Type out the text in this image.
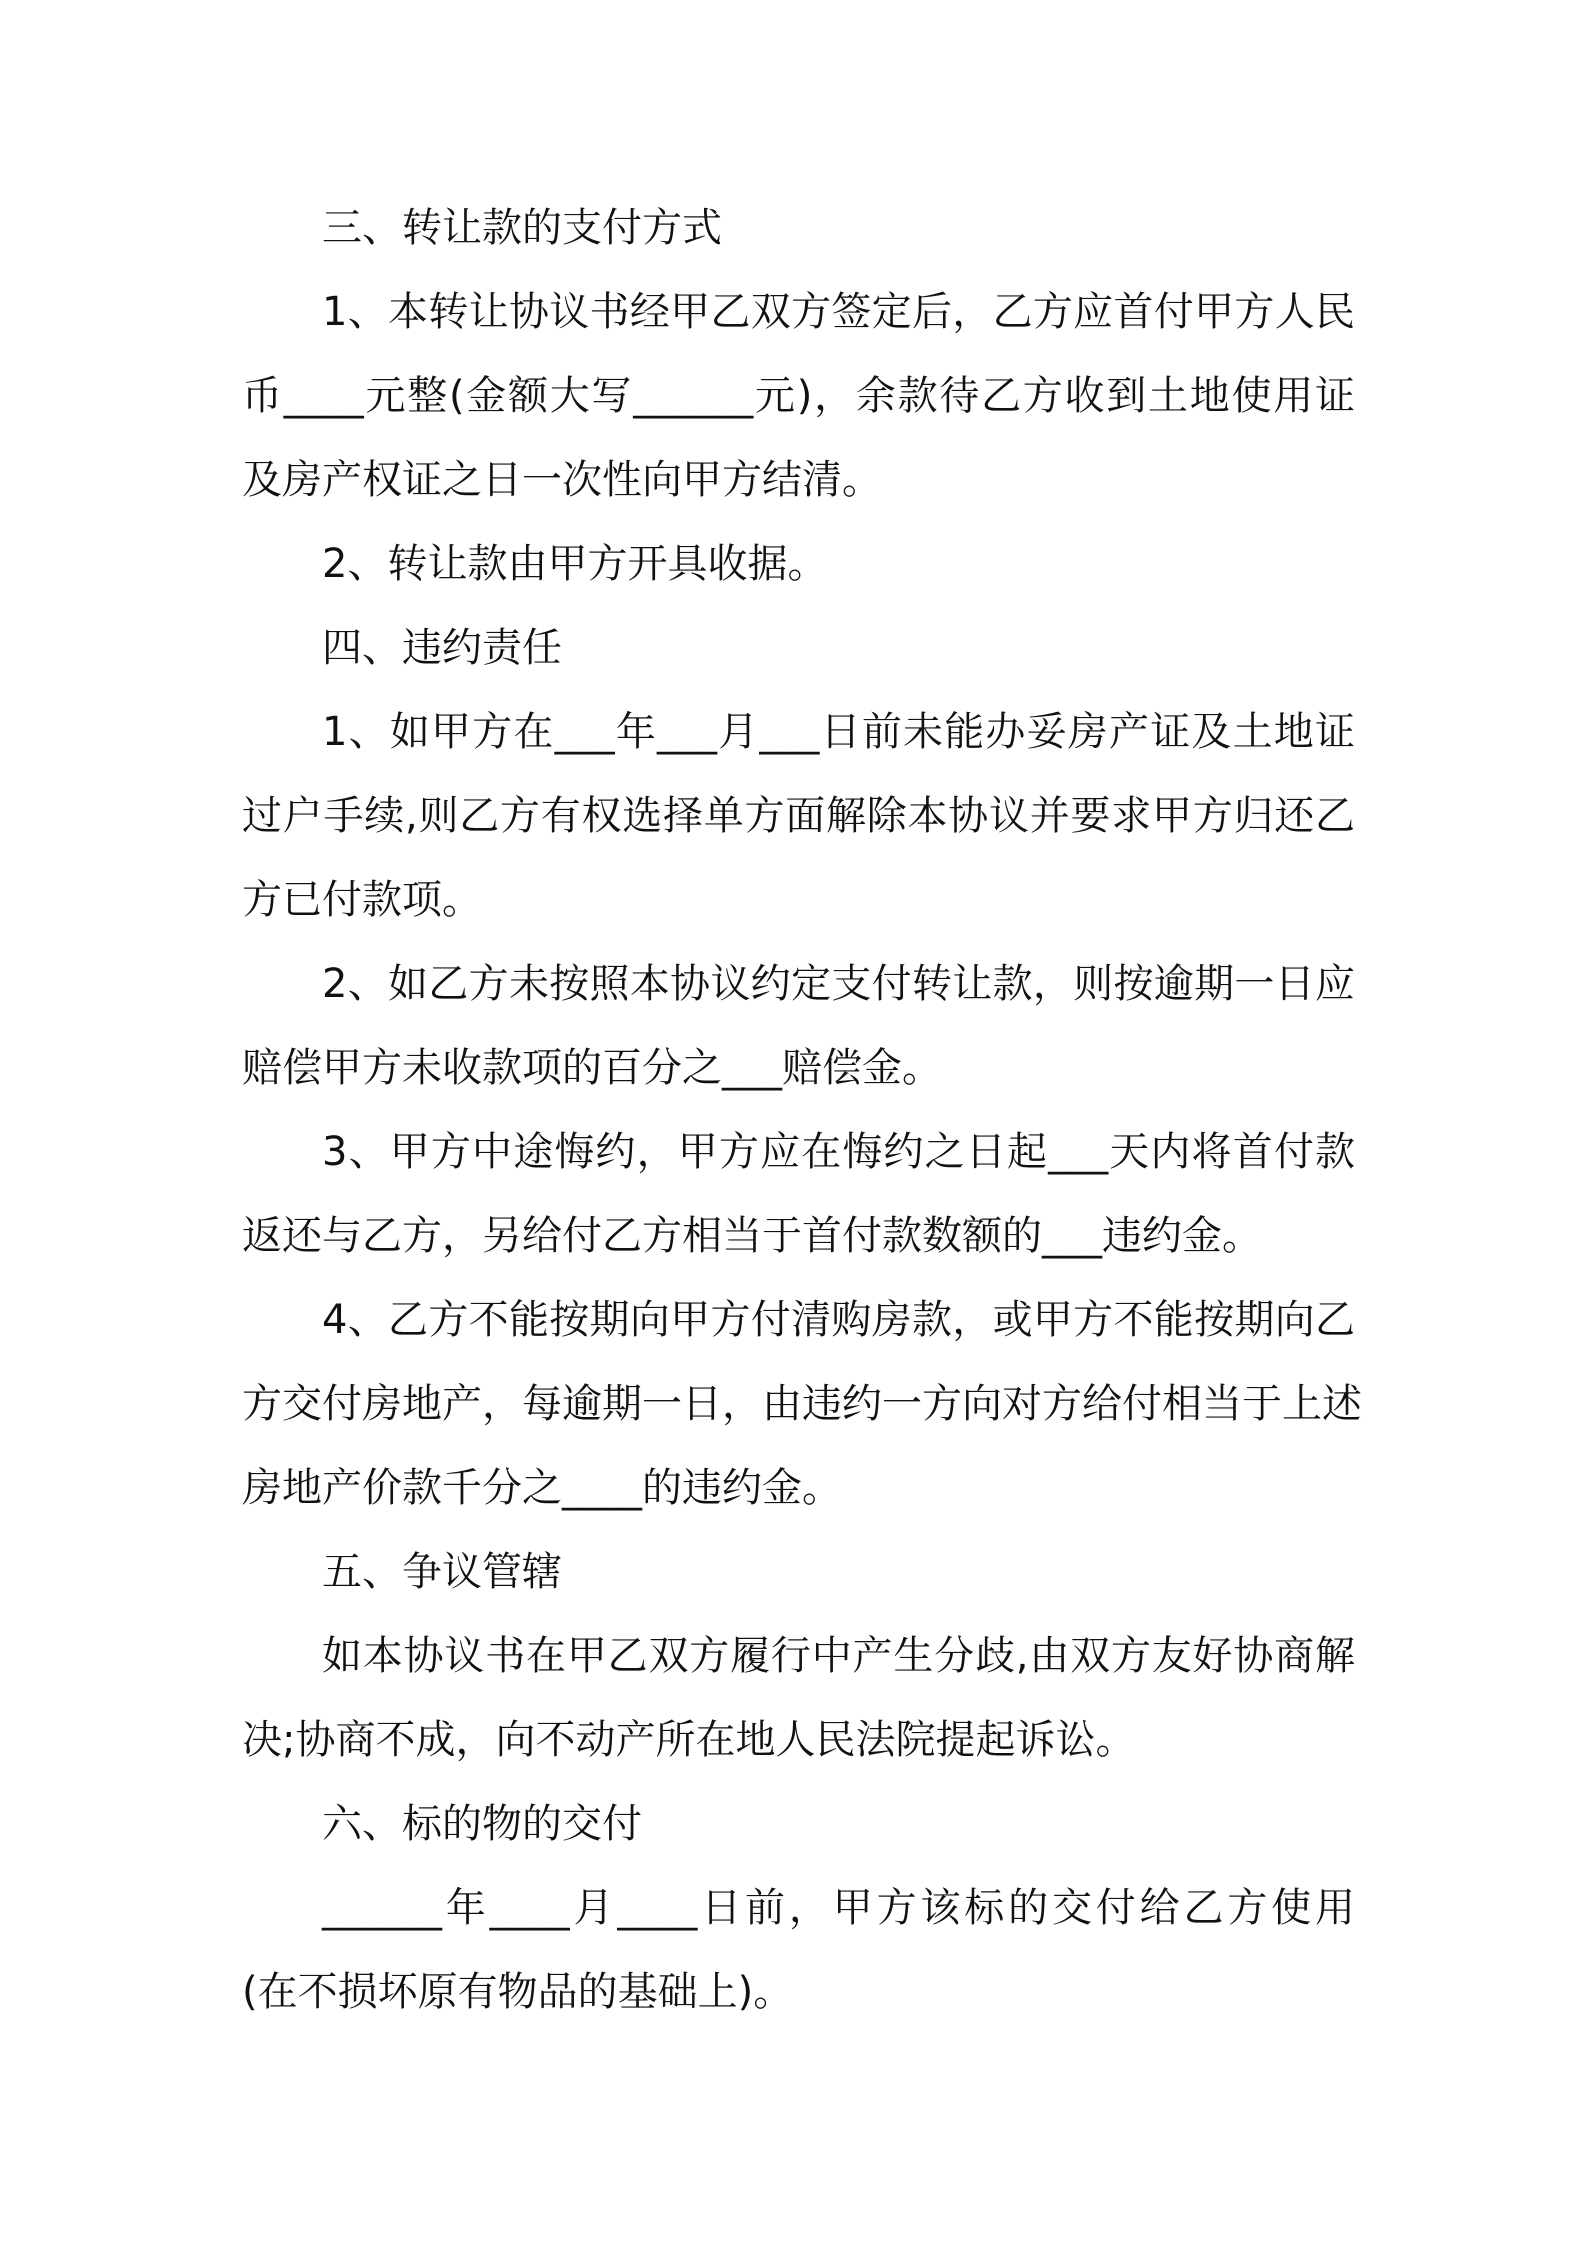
三、转让款的支付方式
1、本转让协议书经甲乙双方签定后，乙方应首付甲方人民
币____元整(金额大写______元)，余款待乙方收到土地使用证
及房产权证之日一次性向甲方结清。
2、转让款由甲方开具收据。
四、违约责任
1、如甲方在___年___月___日前未能办妥房产证及土地证
过户手续,则乙方有权选择单方面解除本协议并要求甲方归还乙
方已付款项。
2、如乙方未按照本协议约定支付转让款，则按逾期一日应
赔偿甲方未收款项的百分之___赔偿金。
3、甲方中途悔约，甲方应在悔约之日起___天内将首付款
返还与乙方，另给付乙方相当于首付款数额的___违约金。
4、乙方不能按期向甲方付清购房款，或甲方不能按期向乙
方交付房地产，每逾期一日，由违约一方向对方给付相当于上述
房地产价款千分之____的违约金。
五、争议管辖
如本协议书在甲乙双方履行中产生分歧,由双方友好协商解
决;协商不成，向不动产所在地人民法院提起诉讼。
六、标的物的交付
______年____月____日前，甲方该标的交付给乙方使用
(在不损坏原有物品的基础上)。
